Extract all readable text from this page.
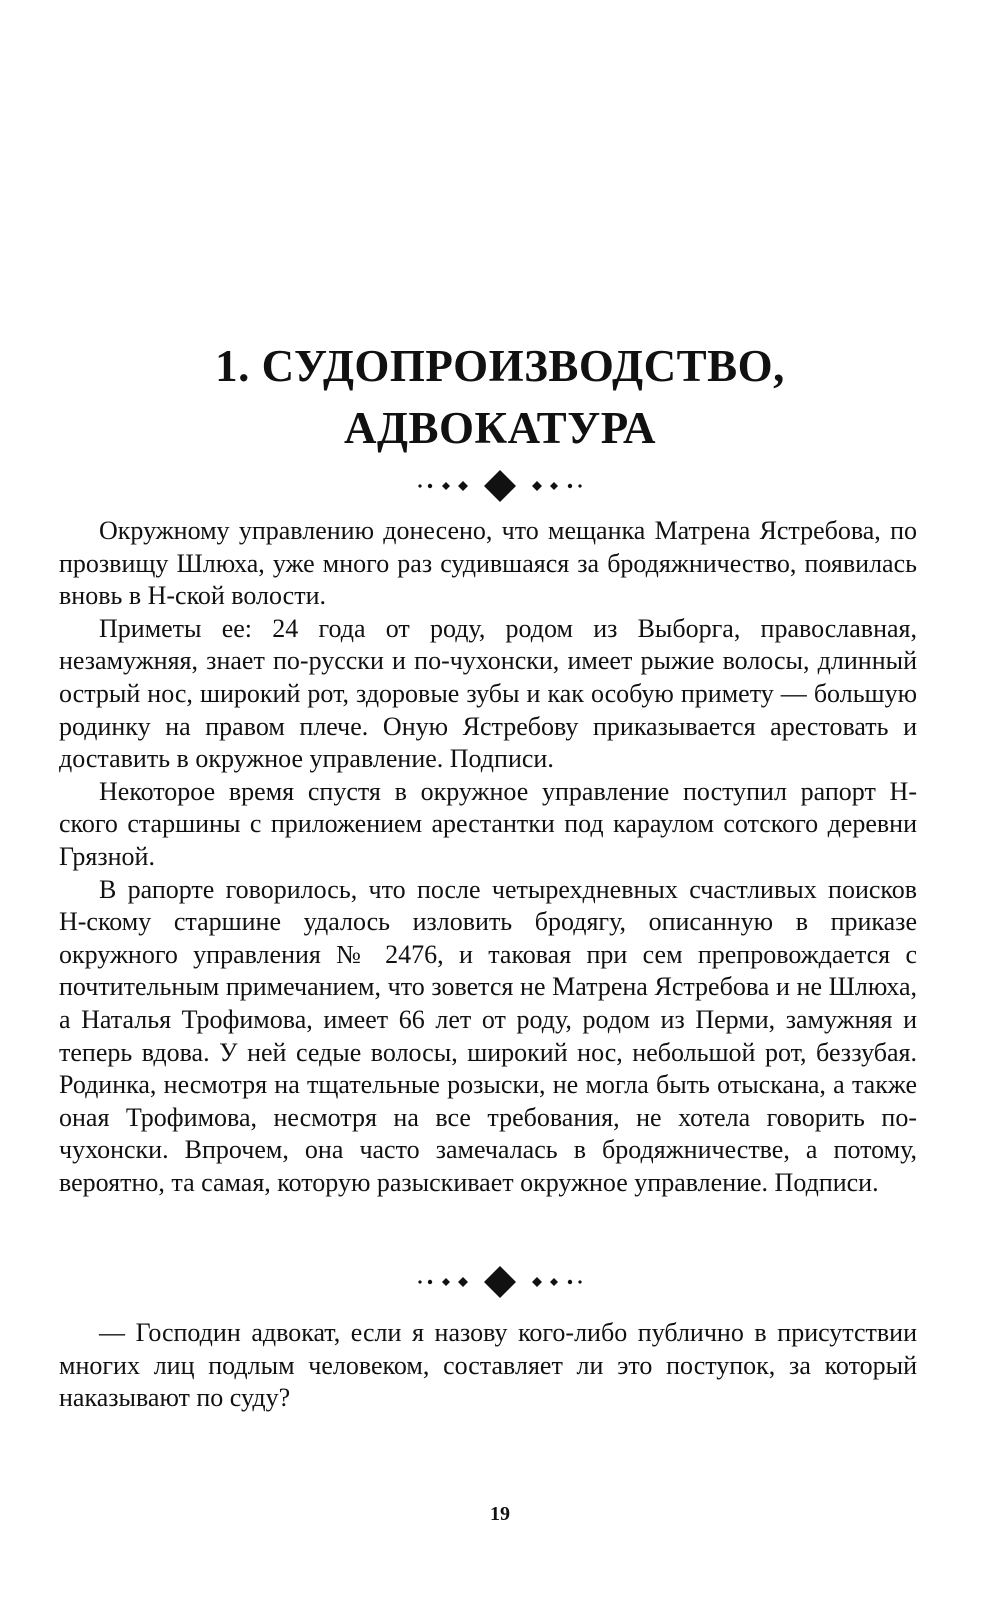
1. СУДОПРОИЗВОДСТВО,
АДВОКАТУРА

Окружному управлению донесено, что мещанка Матрена Ястребова, по прозвищу Шлюха, уже много раз судившаяся за бродяжничество, появилась вновь в Н-ской волости.

Приметы ее: 24 года от роду, родом из Выборга, православная, незамужняя, знает по-русски и по-чухонски, имеет рыжие волосы, длинный острый нос, широкий рот, здоровые зубы и как особую примету — большую родинку на правом плече. Оную Ястребову приказывается арестовать и доставить в окружное управление. Подписи.

Некоторое время спустя в окружное управление поступил рапорт Н-ского старшины с приложением арестантки под караулом сотского деревни Грязной.

В рапорте говорилось, что после четырехдневных счастливых поисков Н-скому старшине удалось изловить бродягу, описанную в приказе окружного управления № 2476, и таковая при сем препровождается с почтительным примечанием, что зовется не Матрена Ястребова и не Шлюха, а Наталья Трофимова, имеет 66 лет от роду, родом из Перми, замужняя и теперь вдова. У ней седые волосы, широкий нос, небольшой рот, беззубая. Родинка, несмотря на тщательные розыски, не могла быть отыскана, а также оная Трофимова, несмотря на все требования, не хотела говорить по-чухонски. Впрочем, она часто замечалась в бродяжничестве, а потому, вероятно, та самая, которую разыскивает окружное управление. Подписи.

— Господин адвокат, если я назову кого-либо публично в присутствии многих лиц подлым человеком, составляет ли это поступок, за который наказывают по суду?

19
